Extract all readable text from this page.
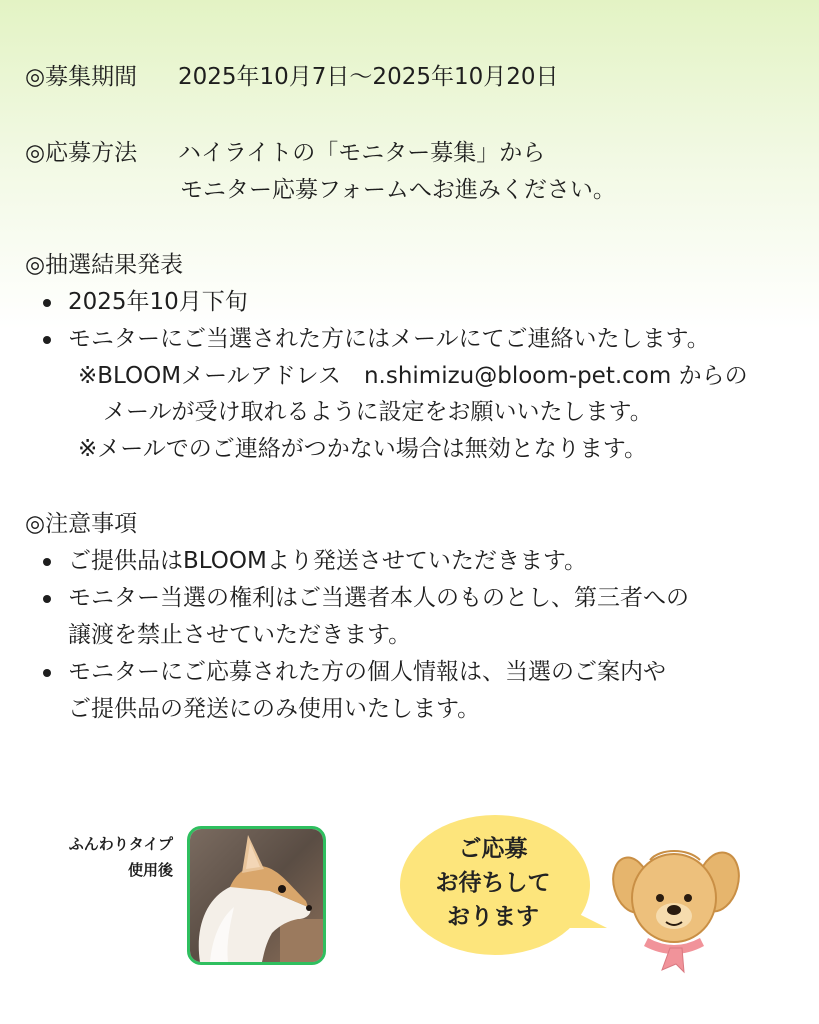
◎募集期間 2025年10月7日〜2025年10月20日
◎応募方法 ハイライトの「モニター募集」から
モニター応募フォームへお進みください。
◎抽選結果発表
2025年10月下旬
モニターにご当選された方にはメールにてご連絡いたします。
※BLOOMメールアドレス　n.shimizu@bloom-pet.com からの
メールが受け取れるように設定をお願いいたします。
※メールでのご連絡がつかない場合は無効となります。
◎注意事項
ご提供品はBLOOMより発送させていただきます。
モニター当選の権利はご当選者本人のものとし、第三者への
譲渡を禁止させていただきます。
モニターにご応募された方の個人情報は、当選のご案内や
ご提供品の発送にのみ使用いたします。
ふんわりタイプ
使用後
ご応募
お待ちして
おります
